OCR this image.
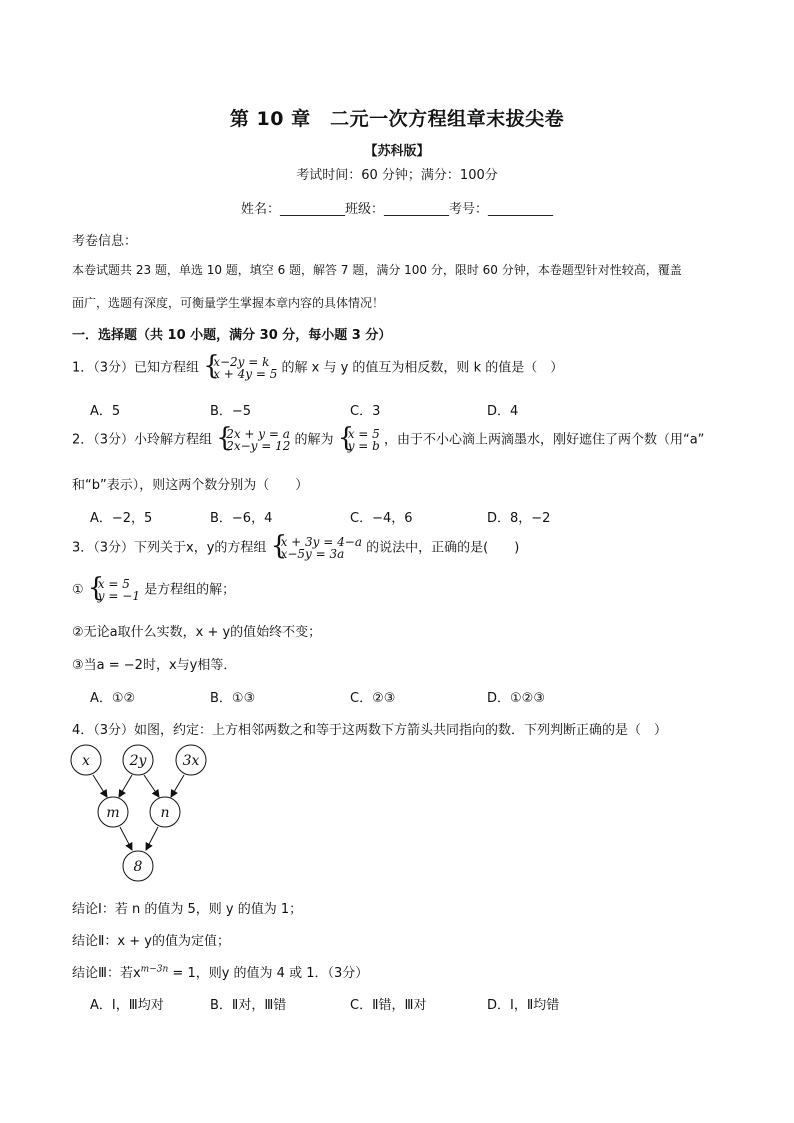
第 10 章　二元一次方程组章末拔尖卷
【苏科版】
考试时间：60 分钟；满分：100分
姓名：__________班级：__________考号：__________
考卷信息：
本卷试题共 23 题，单选 10 题，填空 6 题，解答 7 题，满分 100 分，限时 60 分钟，本卷题型针对性较高，覆盖
面广，选题有深度，可衡量学生掌握本章内容的具体情况！
一．选择题（共 10 小题，满分 30 分，每小题 3 分）
1．（3分）已知方程组 {
x−2y = k
x + 4y = 5 的解 x 与 y 的值互为相反数，则 k 的值是（　）
A．5	B．−5	C．3	D．4
2．（3分）小玲解方程组 {
2x + y = a
2x−y = 12 的解为 {
x = 5
y = b ，由于不小心滴上两滴墨水，刚好遮住了两个数（用“a”
和“b”表示），则这两个数分别为（　　）
A．−2，5	B．−6，4	C．−4，6	D．8，−2
3．（3分）下列关于x，y的方程组 {
x + 3y = 4−a
x−5y = 3a	的说法中，正确的是(　　)
① {
x = 5
y = −1 是方程组的解；
②无论a取什么实数，x + y的值始终不变；
③当a = −2时，x与y相等．
A．①②	B．①③	C．②③	D．①②③
4．（3分）如图，约定：上方相邻两数之和等于这两数下方箭头共同指向的数．下列判断正确的是（　）
x	2y	3x
m	n
8
结论Ⅰ：若 n 的值为 5，则 y 的值为 1；
结论Ⅱ：x + y的值为定值；
结论Ⅲ：若$x^{m-3n} = 1$，则y 的值为 4 或 1．（3分）
A．Ⅰ，Ⅲ均对	B．Ⅱ对，Ⅲ错	C．Ⅱ错，Ⅲ对	D．Ⅰ，Ⅱ均错
